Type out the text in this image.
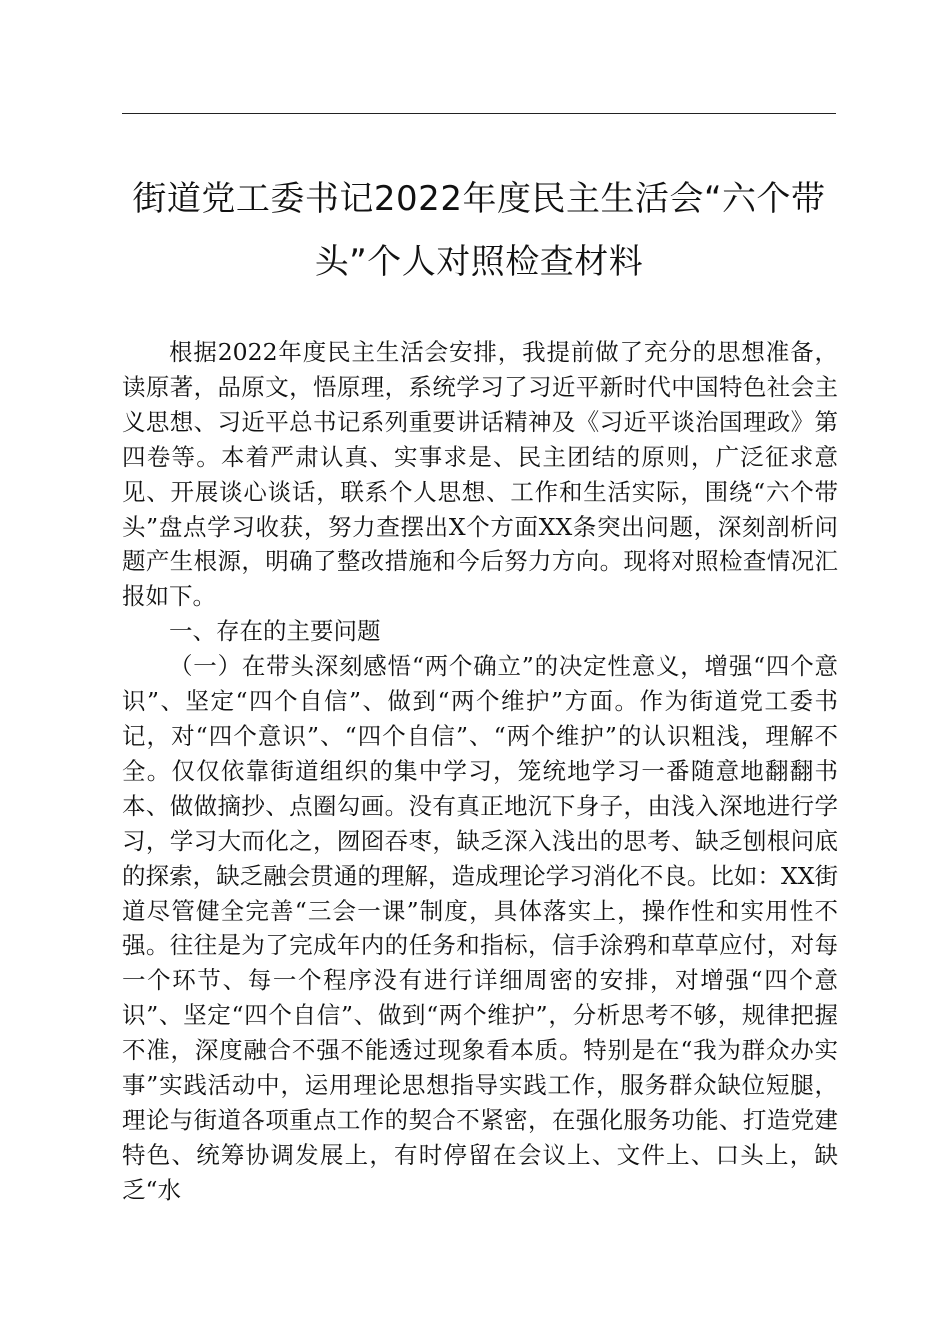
街道党工委书记2022年度民主生活会“六个带
头”个人对照检查材料

根据2022年度民主生活会安排，我提前做了充分的思想准备，读原著，品原文，悟原理，系统学习了习近平新时代中国特色社会主义思想、习近平总书记系列重要讲话精神及《习近平谈治国理政》第四卷等。本着严肃认真、实事求是、民主团结的原则，广泛征求意见、开展谈心谈话，联系个人思想、工作和生活实际，围绕“六个带头”盘点学习收获，努力查摆出X个方面XX条突出问题，深刻剖析问题产生根源，明确了整改措施和今后努力方向。现将对照检查情况汇报如下。

一、存在的主要问题

（一）在带头深刻感悟“两个确立”的决定性意义，增强“四个意识”、坚定“四个自信”、做到“两个维护”方面。作为街道党工委书记，对“四个意识”、“四个自信”、“两个维护”的认识粗浅，理解不全。仅仅依靠街道组织的集中学习，笼统地学习一番随意地翻翻书本、做做摘抄、点圈勾画。没有真正地沉下身子，由浅入深地进行学习，学习大而化之，囫囵吞枣，缺乏深入浅出的思考、缺乏刨根问底的探索，缺乏融会贯通的理解，造成理论学习消化不良。比如：XX街道尽管健全完善“三会一课”制度，具体落实上，操作性和实用性不强。往往是为了完成年内的任务和指标，信手涂鸦和草草应付，对每一个环节、每一个程序没有进行详细周密的安排，对增强“四个意识”、坚定“四个自信”、做到“两个维护”，分析思考不够，规律把握不准，深度融合不强不能透过现象看本质。特别是在“我为群众办实事”实践活动中，运用理论思想指导实践工作，服务群众缺位短腿，理论与街道各项重点工作的契合不紧密，在强化服务功能、打造党建特色、统筹协调发展上，有时停留在会议上、文件上、口头上，缺乏“水
